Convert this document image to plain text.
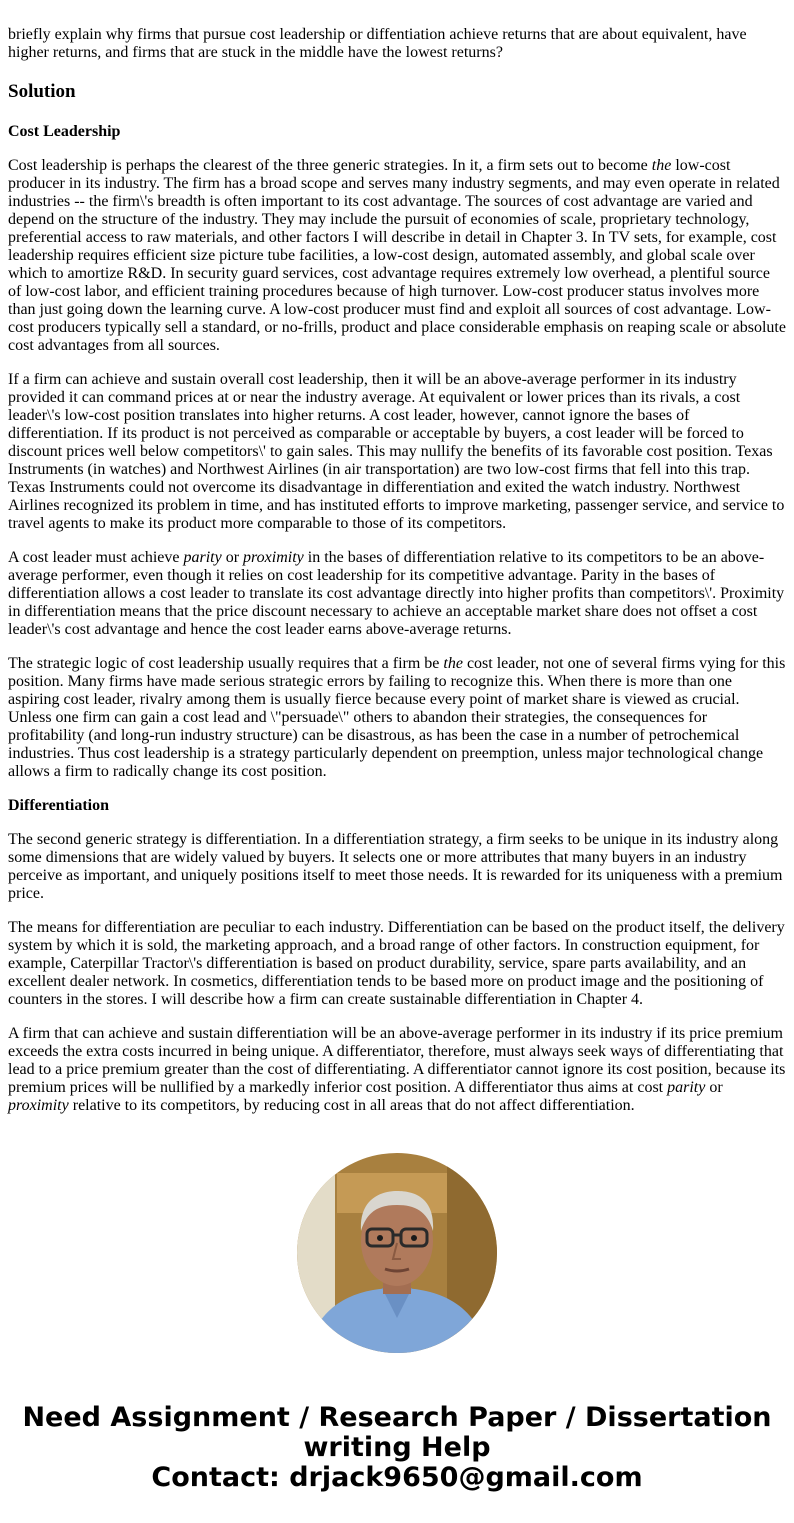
briefly explain why firms that pursue cost leadership or diffentiation achieve returns that are about equivalent, have higher returns, and firms that are stuck in the middle have the lowest returns?

Solution
Cost Leadership

Cost leadership is perhaps the clearest of the three generic strategies. In it, a firm sets out to become the low-cost producer in its industry. The firm has a broad scope and serves many industry segments, and may even operate in related industries -- the firm\'s breadth is often important to its cost advantage. The sources of cost advantage are varied and depend on the structure of the industry. They may include the pursuit of economies of scale, proprietary technology, preferential access to raw materials, and other factors I will describe in detail in Chapter 3. In TV sets, for example, cost leadership requires efficient size picture tube facilities, a low-cost design, automated assembly, and global scale over which to amortize R&D. In security guard services, cost advantage requires extremely low overhead, a plentiful source of low-cost labor, and efficient training procedures because of high turnover. Low-cost producer status involves more than just going down the learning curve. A low-cost producer must find and exploit all sources of cost advantage. Low-cost producers typically sell a standard, or no-frills, product and place considerable emphasis on reaping scale or absolute cost advantages from all sources.

If a firm can achieve and sustain overall cost leadership, then it will be an above-average performer in its industry provided it can command prices at or near the industry average. At equivalent or lower prices than its rivals, a cost leader\'s low-cost position translates into higher returns. A cost leader, however, cannot ignore the bases of differentiation. If its product is not perceived as comparable or acceptable by buyers, a cost leader will be forced to discount prices well below competitors\' to gain sales. This may nullify the benefits of its favorable cost position. Texas Instruments (in watches) and Northwest Airlines (in air transportation) are two low-cost firms that fell into this trap. Texas Instruments could not overcome its disadvantage in differentiation and exited the watch industry. Northwest Airlines recognized its problem in time, and has instituted efforts to improve marketing, passenger service, and service to travel agents to make its product more comparable to those of its competitors.

A cost leader must achieve parity or proximity in the bases of differentiation relative to its competitors to be an above-average performer, even though it relies on cost leadership for its competitive advantage. Parity in the bases of differentiation allows a cost leader to translate its cost advantage directly into higher profits than competitors\'. Proximity in differentiation means that the price discount necessary to achieve an acceptable market share does not offset a cost leader\'s cost advantage and hence the cost leader earns above-average returns.

The strategic logic of cost leadership usually requires that a firm be the cost leader, not one of several firms vying for this position. Many firms have made serious strategic errors by failing to recognize this. When there is more than one aspiring cost leader, rivalry among them is usually fierce because every point of market share is viewed as crucial. Unless one firm can gain a cost lead and \"persuade\" others to abandon their strategies, the consequences for profitability (and long-run industry structure) can be disastrous, as has been the case in a number of petrochemical industries. Thus cost leadership is a strategy particularly dependent on preemption, unless major technological change allows a firm to radically change its cost position.

Differentiation

The second generic strategy is differentiation. In a differentiation strategy, a firm seeks to be unique in its industry along some dimensions that are widely valued by buyers. It selects one or more attributes that many buyers in an industry perceive as important, and uniquely positions itself to meet those needs. It is rewarded for its uniqueness with a premium price.

The means for differentiation are peculiar to each industry. Differentiation can be based on the product itself, the delivery system by which it is sold, the marketing approach, and a broad range of other factors. In construction equipment, for example, Caterpillar Tractor\'s differentiation is based on product durability, service, spare parts availability, and an excellent dealer network. In cosmetics, differentiation tends to be based more on product image and the positioning of counters in the stores. I will describe how a firm can create sustainable differentiation in Chapter 4.

A firm that can achieve and sustain differentiation will be an above-average performer in its industry if its price premium exceeds the extra costs incurred in being unique. A differentiator, therefore, must always seek ways of differentiating that lead to a price premium greater than the cost of differentiating. A differentiator cannot ignore its cost position, because its premium prices will be nullified by a markedly inferior cost position. A differentiator thus aims at cost parity or proximity relative to its competitors, by reducing cost in all areas that do not affect differentiation.

Need Assignment / Research Paper / Dissertation
writing Help
Contact: drjack9650@gmail.com
